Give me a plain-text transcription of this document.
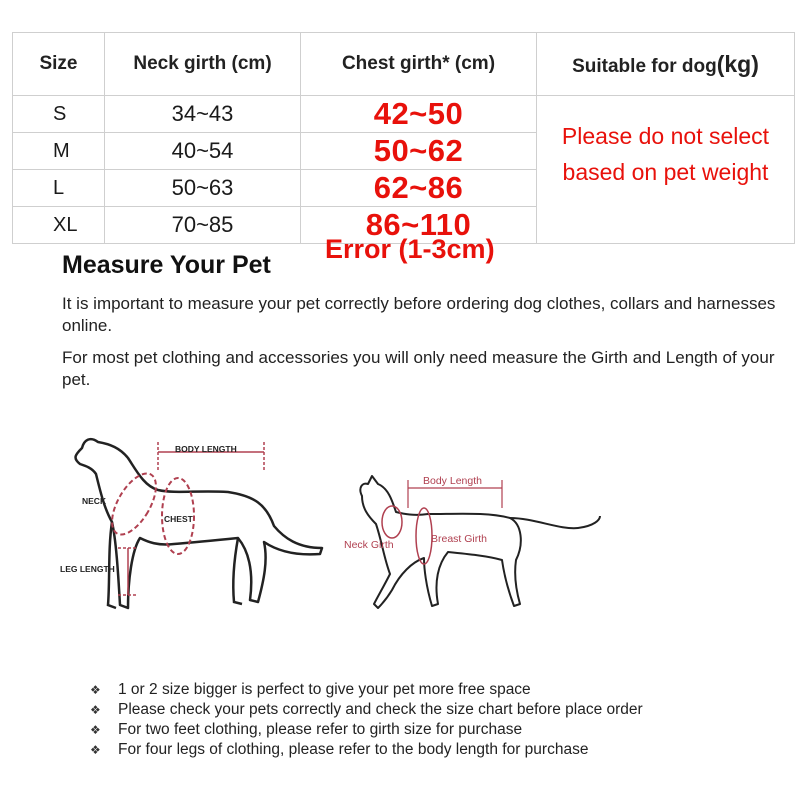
Size	Neck girth (cm)	Chest girth* (cm)	Suitable for dog(kg)
S	34~43	42~50	Please do not select
based on pet weight

M	40~54	50~62	
L	50~63	62~86	
XL	70~85	86~110	
Error (1-3cm)
Measure Your Pet
It is important to measure your pet correctly before ordering dog clothes, collars and harnesses online.
For most pet clothing and accessories you will only need measure the Girth and Length of your pet.
BODY LENGTH
NECK
CHEST
LEG LENGTH
Body Length
Neck Girth	Breast Girth
❖ 1 or 2 size bigger is perfect to give your pet more free space
❖ Please check your pets correctly and check the size chart before place order
❖ For two feet clothing, please refer to girth size for purchase
❖ For four legs of clothing, please refer to the body length for purchase
